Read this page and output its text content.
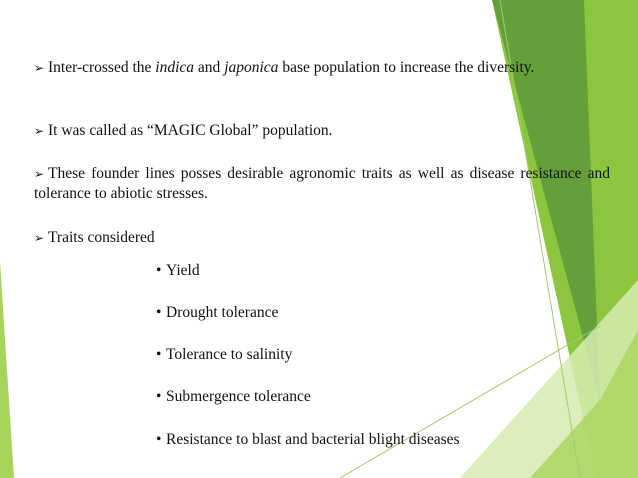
➢ Inter-crossed the indica and japonica base population to increase the diversity.
➢ It was called as “MAGIC Global” population.
➢ These founder lines posses desirable agronomic traits as well as disease resistance and tolerance to abiotic stresses.
➢ Traits considered
• Yield
• Drought tolerance
• Tolerance to salinity
• Submergence tolerance
• Resistance to blast and bacterial blight diseases
